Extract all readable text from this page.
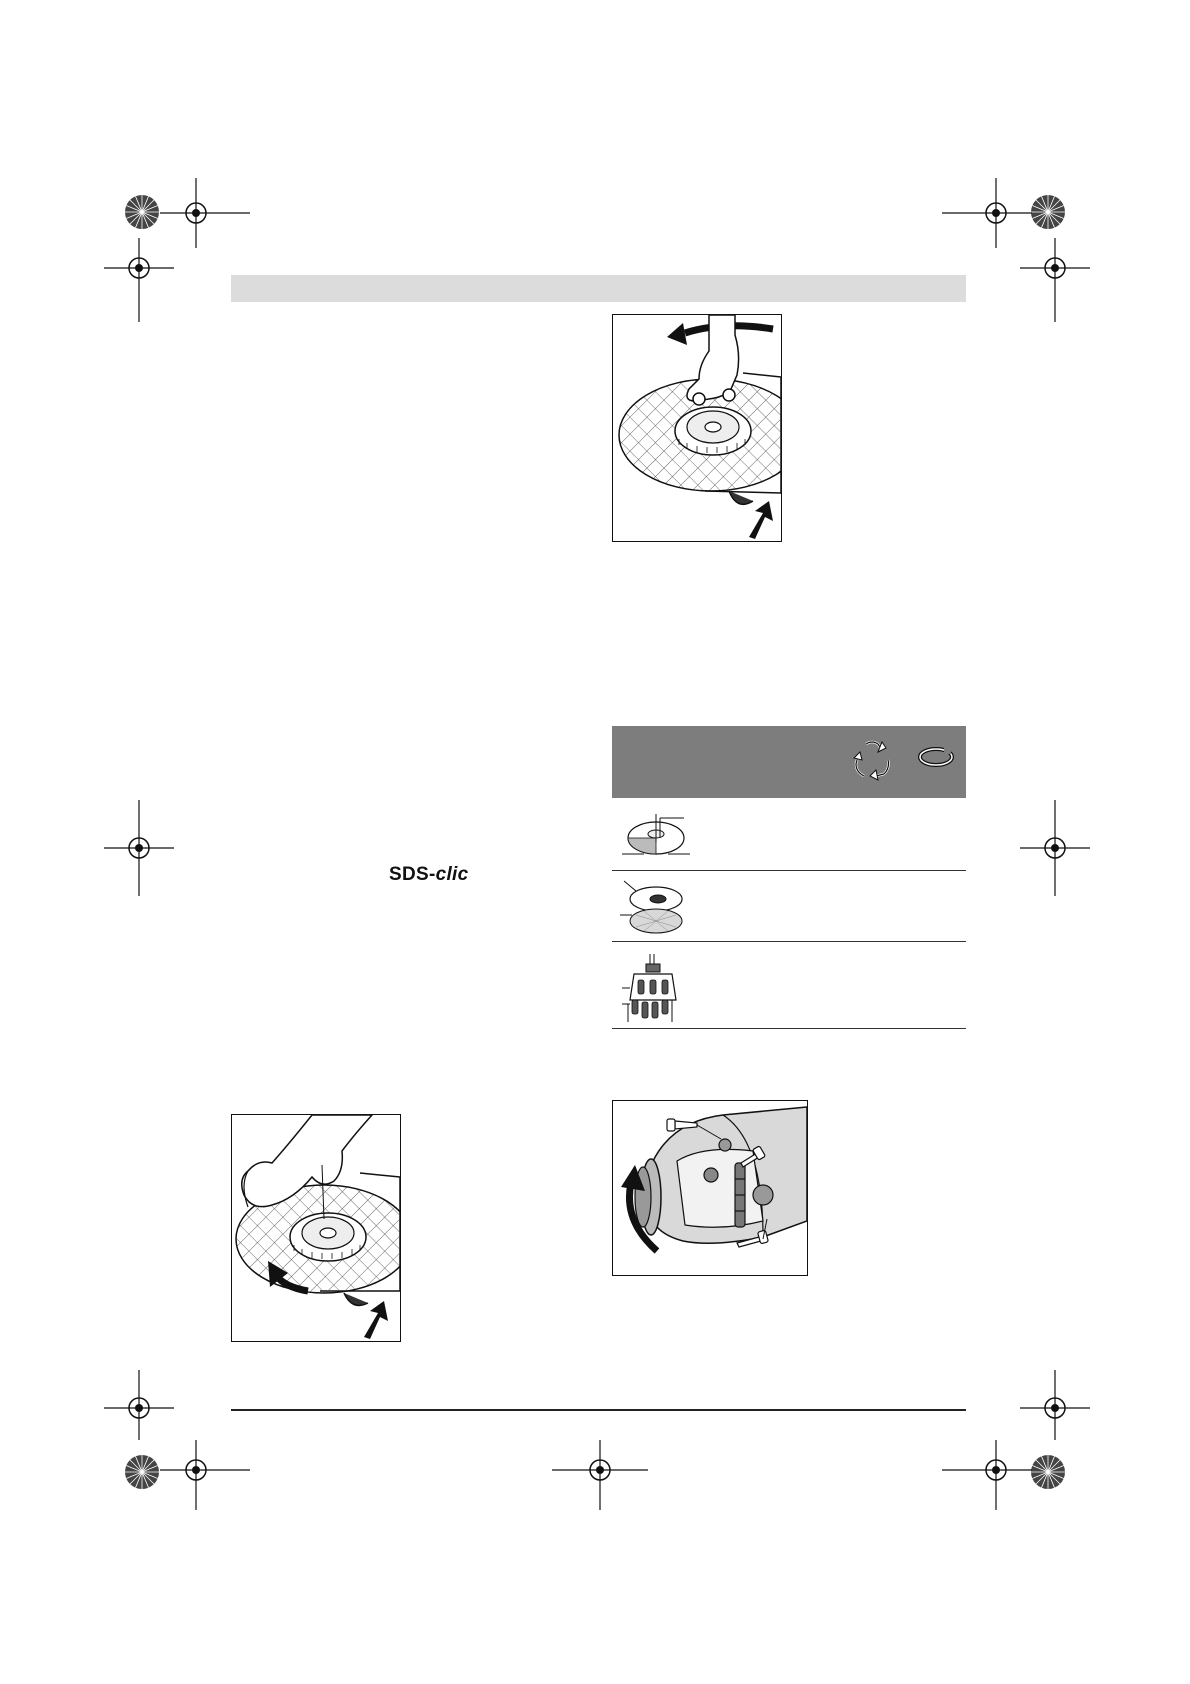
SDS-clic
